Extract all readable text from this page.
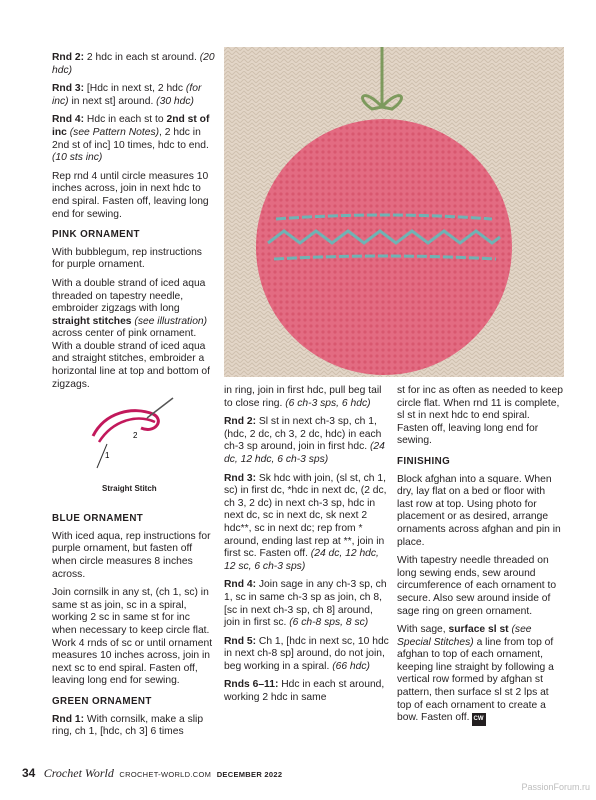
Rnd 2: 2 hdc in each st around. (20 hdc)

Rnd 3: [Hdc in next st, 2 hdc (for inc) in next st] around. (30 hdc)

Rnd 4: Hdc in each st to 2nd st of inc (see Pattern Notes), 2 hdc in 2nd st of inc] 10 times, hdc to end. (10 sts inc)

Rep rnd 4 until circle measures 10 inches across, join in next hdc to end spiral. Fasten off, leaving long end for sewing.

PINK ORNAMENT

With bubblegum, rep instructions for purple ornament.

With a double strand of iced aqua threaded on tapestry needle, embroider zigzags with long straight stitches (see illustration) across center of pink ornament. With a double strand of iced aqua and straight stitches, embroider a horizontal line at top and bottom of zigzags.

BLUE ORNAMENT

With iced aqua, rep instructions for purple ornament, but fasten off when circle measures 8 inches across.

Join cornsilk in any st, (ch 1, sc) in same st as join, sc in a spiral, working 2 sc in same st for inc when necessary to keep circle flat. Work 4 rnds of sc or until ornament measures 10 inches across, join in next sc to end spiral. Fasten off, leaving long end for sewing.

GREEN ORNAMENT

Rnd 1: With cornsilk, make a slip ring, ch 1, [hdc, ch 3] 6 times

1
2
Straight Stitch

in ring, join in first hdc, pull beg tail to close ring. (6 ch-3 sps, 6 hdc)

Rnd 2: Sl st in next ch-3 sp, ch 1, (hdc, 2 dc, ch 3, 2 dc, hdc) in each ch-3 sp around, join in first hdc. (24 dc, 12 hdc, 6 ch-3 sps)

Rnd 3: Sk hdc with join, (sl st, ch 1, sc) in first dc, *hdc in next dc, (2 dc, ch 3, 2 dc) in next ch-3 sp, hdc in next dc, sc in next dc, sk next 2 hdc**, sc in next dc; rep from * around, ending last rep at **, join in first sc. Fasten off. (24 dc, 12 hdc, 12 sc, 6 ch-3 sps)

Rnd 4: Join sage in any ch-3 sp, ch 1, sc in same ch-3 sp as join, ch 8, [sc in next ch-3 sp, ch 8] around, join in first sc. (6 ch-8 sps, 8 sc)

Rnd 5: Ch 1, [hdc in next sc, 10 hdc in next ch-8 sp] around, do not join, beg working in a spiral. (66 hdc)

Rnds 6–11: Hdc in each st around, working 2 hdc in same

st for inc as often as needed to keep circle flat. When rnd 11 is complete, sl st in next hdc to end spiral. Fasten off, leaving long end for sewing.

FINISHING

Block afghan into a square. When dry, lay flat on a bed or floor with last row at top. Using photo for placement or as desired, arrange ornaments across afghan and pin in place.

With tapestry needle threaded on long sewing ends, sew around circumference of each ornament to secure. Also sew around inside of sage ring on green ornament.

With sage, surface sl st (see Special Stitches) a line from top of afghan to top of each ornament, keeping line straight by following a vertical row formed by afghan st pattern, then surface sl st 2 lps at top of each ornament to create a bow. Fasten off. CW

34 Crochet World CROCHET-WORLD.COM DECEMBER 2022
PassionForum.ru
